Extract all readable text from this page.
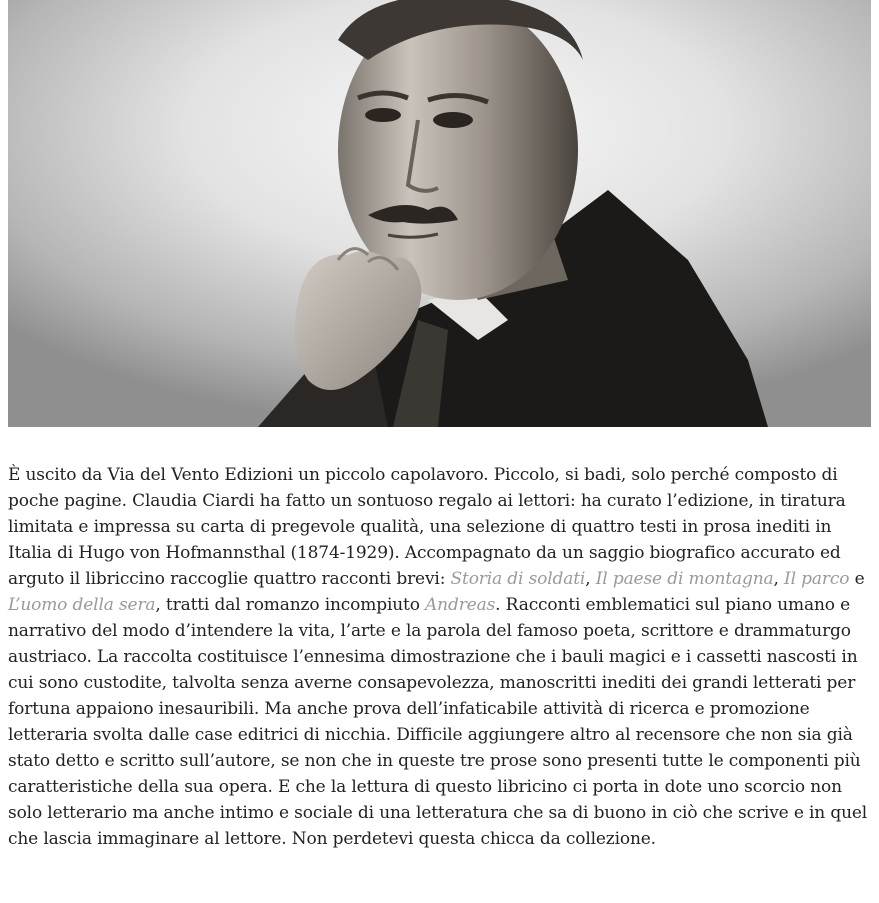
È uscito da Via del Vento Edizioni un piccolo capolavoro. Piccolo, si badi, solo perché composto di poche pagine. Claudia Ciardi ha fatto un sontuoso regalo ai lettori: ha curato l’edizione, in tiratura limitata e impressa su carta di pregevole qualità, una selezione di quattro testi in prosa inediti in Italia di Hugo von Hofmannsthal (1874-1929). Accompagnato da un saggio biografico accurato ed arguto il libriccino raccoglie quattro racconti brevi: Storia di soldati, Il paese di montagna, Il parco e L’uomo della sera, tratti dal romanzo incompiuto Andreas. Racconti emblematici sul piano umano e narrativo del modo d’intendere la vita, l’arte e la parola del famoso poeta, scrittore e drammaturgo austriaco. La raccolta costituisce l’ennesima dimostrazione che i bauli magici e i cassetti nascosti in cui sono custodite, talvolta senza averne consapevolezza, manoscritti inediti dei grandi letterati per fortuna appaiono inesauribili. Ma anche prova dell’infaticabile attività di ricerca e promozione letteraria svolta dalle case editrici di nicchia. Difficile aggiungere altro al recensore che non sia già stato detto e scritto sull’autore, se non che in queste tre prose sono presenti tutte le componenti più caratteristiche della sua opera. E che la lettura di questo libricino ci porta in dote uno scorcio non solo letterario ma anche intimo e sociale di una letteratura che sa di buono in ciò che scrive e in quel che lascia immaginare al lettore. Non perdetevi questa chicca da collezione.
